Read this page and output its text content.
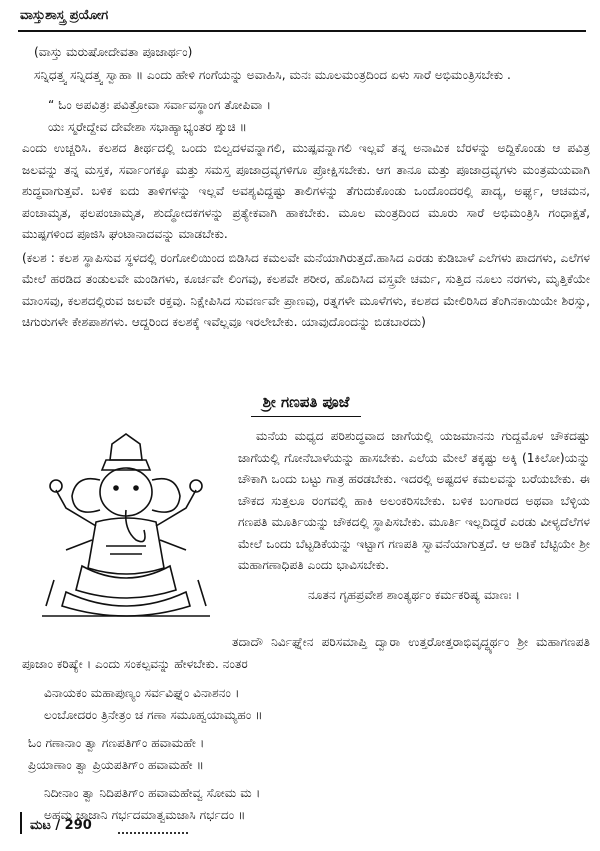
ವಾಸ್ತುಶಾಸ್ತ್ರ ಪ್ರಯೋಗ

(ವಾಸ್ತು ಮರುಷೋದೇವತಾ ಪೂಜಾರ್ಥಂ)

ಸನ್ನಿಧತ್ತ್ವ ಸನ್ನಿದತ್ತ್ವ ಸ್ವಾಹಾ ॥ ಎಂದು ಹೇಳಿ ಗಂಗೆಯನ್ನು ಅವಾಹಿಸಿ, ಮನಃ ಮೂಲಮಂತ್ರದಿಂದ ಏಳು ಸಾರೆ ಅಭಿಮಂತ್ರಿಸಬೇಕು .

“ ಓಂ ಅಪವಿತ್ರಃ ಪವಿತ್ರೋವಾ ಸರ್ವಾವಸ್ಥಾಂಗ ತೋಪಿವಾ ।

ಯಃ ಸ್ಮರೇದ್ದೇವ ದೇವೇಶಾ ಸಭಾಹ್ಯಾಭ್ಯಂತರ ಶ್ಶುಚಿ ॥

ಎಂದು ಉಚ್ಚರಿಸಿ. ಕಲಶದ ತೀರ್ಥದಲ್ಲಿ ಒಂದು ಬಿಲ್ವದಳವನ್ನಾಗಲಿ, ಮುಷ್ಪವನ್ನಾಗಲಿ ಇಲ್ಲವೆ ತನ್ನ ಅನಾಮಿಕ ಬೆರಳನ್ನು ಅದ್ದಿಕೊಂಡು ಆ ಪವಿತ್ರ ಜಲವನ್ನು ತನ್ನ ಮಸ್ತಕ, ಸರ್ವಾಂಗಕ್ಕೂ ಮತ್ತು ಸಮಸ್ತ ಪೂಜಾದ್ರವ್ಯಗಳಿಗೂ ಪ್ರೋಕ್ಷಿಸಬೇಕು. ಆಗ ತಾನೂ ಮತ್ತು ಪೂಜಾದ್ರವ್ಯಗಳು ಮಂತ್ರಮಯವಾಗಿ ಶುದ್ಧವಾಗುತ್ತವೆ. ಬಳಿಕ ಐದು ತಾಳಿಗಳನ್ನು ಇಲ್ಲವೆ ಅವಶ್ಯವಿದ್ದಷ್ಟು ತಾಲಿಗಳನ್ನು ತೆಗುದುಕೊಂಡು ಒಂದೊಂದರಲ್ಲಿ ಪಾದ್ಯ, ಅರ್ಘ್ಯ, ಆಚಮನ, ಪಂಚಾಮೃತ, ಫಲಪಂಚಾಮೃತ, ಶುದ್ಧೋದಕಗಳನ್ನು ಪ್ರತ್ಯೇಕವಾಗಿ ಹಾಕಬೇಕು. ಮೂಲ ಮಂತ್ರದಿಂದ ಮೂರು ಸಾರೆ ಅಭಿಮಂತ್ರಿಸಿ ಗಂಧಾಕ್ಷತೆ, ಮುಷ್ಪಗಳಿಂದ ಪೂಜಿಸಿ ಘಂಟಾನಾದವನ್ನು ಮಾಡಬೇಕು.

(ಕಲಶ : ಕಲಶ ಸ್ಥಾಪಿಸುವ ಸ್ಥಳದಲ್ಲಿ ರಂಗೋಲಿಯಿಂದ ಬಿಡಿಸಿದ ಕಮಲವೇ ಮನೆಯಾಗಿರುತ್ತದೆ.ಹಾಸಿದ ಎರಡು ಕುಡಿಬಾಳೆ ಎಲೆಗಳು ಪಾದಗಳು, ಎಲೆಗಳ ಮೇಲೆ ಹರಡಿದ ತಂಡುಲವೇ ಮಂಡಿಗಳು, ಕೂರ್ಚವೇ ಲಿಂಗವು, ಕಲಶವೇ ಶರೀರ, ಹೊದಿಸಿದ ವಸ್ತ್ರವೇ ಚರ್ಮ, ಸುತ್ತಿದ ನೂಲು ನರಗಳು, ಮೃತ್ತಿಕೆಯೇ ಮಾಂಸವು, ಕಲಶದಲ್ಲಿರುವ ಜಲವೇ ರಕ್ತವು. ನಿಕ್ಷೇಪಿಸಿದ ಸುವರ್ಣವೇ ಪ್ರಾಣವು, ರತ್ನಗಳೇ ಮೂಳೆಗಳು, ಕಲಶದ ಮೇಲಿರಿಸಿದ ತೆಂಗಿನಕಾಯಿಯೇ ಶಿರಸ್ಸು, ಚಿಗುರುಗಳೇ ಕೇಶಪಾಶಗಳು. ಆದ್ದರಿಂದ ಕಲಶಕ್ಕೆ ಇವೆಲ್ಲವೂ ಇರಲೇಬೇಕು. ಯಾವುದೊಂದನ್ನು ಬಿಡಬಾರದು)

ಶ್ರೀ ಗಣಪತಿ ಪೂಜೆ

ಮನೆಯ ಮಧ್ಯದ ಪರಿಶುದ್ಧವಾದ ಜಾಗೆಯಲ್ಲಿ ಯಜಮಾನನು ಗುದ್ದಮೊಳ ಚೌಕದಷ್ಟು ಜಾಗೆಯಲ್ಲಿ ಗೋನೆಬಾಳೆಯನ್ನು ಹಾಸಬೇಕು. ಎಲೆಯ ಮೇಲೆ ತಕ್ಕಷ್ಟು ಅಕ್ಕಿ (1ಕಿಲೋ)ಯನ್ನು ಚೌಕಾಗಿ ಒಂದು ಬಟ್ಟು ಗಾತ್ರ ಹರಡಬೇಕು. ಇದರಲ್ಲಿ ಅಷ್ಟದಳ ಕಮಲವನ್ನು ಬರೆಯಬೇಕು. ಈ ಚೌಕದ ಸುತ್ತಲೂ ರಂಗವಲ್ಲಿ ಹಾಕಿ ಅಲಂಕರಿಸಬೇಕು. ಬಳಿಕ ಬಂಗಾರದ ಅಥವಾ ಬೆಳ್ಳಿಯ ಗಣಪತಿ ಮೂರ್ತಿಯನ್ನು ಚೌಕದಲ್ಲಿ ಸ್ಥಾಪಿಸಬೇಕು. ಮೂರ್ತಿ ಇಲ್ಲದಿದ್ದರೆ ಎರಡು ವೀಳ್ಯದೆಲೆಗಳ ಮೇಲೆ ಒಂದು ಬೆಟ್ಟಡಿಕೆಯನ್ನು ಇಟ್ಟಾಗ ಗಣಪತಿ ಸ್ವಾವನೆಯಾಗುತ್ತದೆ. ಆ ಅಡಿಕೆ ಬೆಟ್ಟಿಯೇ ಶ್ರೀ ಮಹಾಗಣಾಧಿಪತಿ ಎಂದು ಭಾವಿಸಬೇಕು.

ನೂತನ ಗೃಹಪ್ರವೇಶ ಶಾಂತ್ಯರ್ಥಂ ಕರ್ಮಕರಿಷ್ಯ ಮಾಣಃ ।

ತದಾದೌ ನಿರ್ವಿಘ್ನೇನ ಪರಿಸಮಾಪ್ತಿ ದ್ವಾರಾ ಉತ್ತರೋತ್ತರಾಭಿವೃದ್ಧ್ಯರ್ಥಂ ಶ್ರೀ ಮಹಾಗಣಪತಿ ಪೂಜಾಂ ಕರಿಷ್ಯೇ । ಎಂದು ಸಂಕಲ್ಪವನ್ನು ಹೇಳಬೇಕು. ನಂತರ

ವಿನಾಯಕಂ ಮಹಾಪುಣ್ಯಂ ಸರ್ವವಿಘ್ನಂ ವಿನಾಶನಂ ।

ಲಂಬೋದರಂ ತ್ರಿನೇತ್ರಂ ಚ ಗಣಾ ಸಮೂಹ್ವಯಾಮ್ಯಹಂ ॥

ಓಂ ಗಣಾನಾಂ ತ್ವಾ ಗಣಪತಿಗ್ಂ ಹವಾಮಹೇ ।

ಪ್ರಿಯಾಣಾಂ ತ್ವಾ ಪ್ರಿಯಪತಿಗ್ಂ ಹವಾಮಹೇ ॥

ನಿದೀನಾಂ ತ್ವಾ ನಿದಿಪತಿಗ್ಂ ಹವಾಮಹೇವ್ವ ಸೋಮ ಮ ।

ಅಹಮ ಜಾಜಾನಿ ಗರ್ಭದಮಾತ್ವಮಜಾಸಿ ಗರ್ಭದಂ ॥

ಮಟ / 290
